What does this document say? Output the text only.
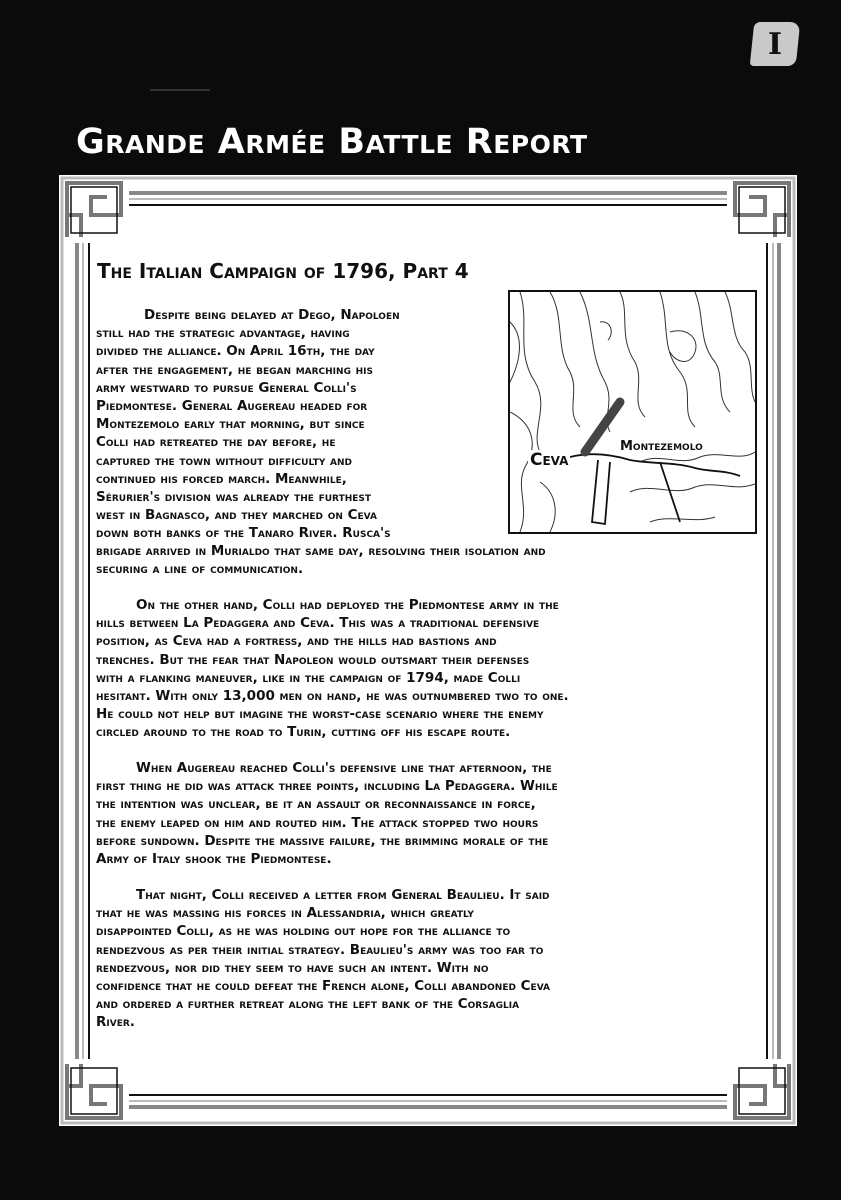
I
Grande Armée Battle Report
The Italian Campaign of 1796, Part 4
Ceva
Montezemolo

Despite being delayed at Dego, Napoloen
still had the strategic advantage, having
divided the alliance. On April 16th, the day
after the engagement, he began marching his
army westward to pursue General Colli's
Piedmontese. General Augereau headed for
Montezemolo early that morning, but since
Colli had retreated the day before, he
captured the town without difficulty and
continued his forced march. Meanwhile,
Sérurier's division was already the furthest
west in Bagnasco, and they marched on Ceva
down both banks of the Tanaro River. Rusca's

brigade arrived in Murialdo that same day, resolving their isolation and
securing a line of communication.

On the other hand, Colli had deployed the Piedmontese army in the
hills between La Pedaggera and Ceva. This was a traditional defensive
position, as Ceva had a fortress, and the hills had bastions and
trenches. But the fear that Napoleon would outsmart their defenses
with a flanking maneuver, like in the campaign of 1794, made Colli
hesitant. With only 13,000 men on hand, he was outnumbered two to one.
He could not help but imagine the worst-case scenario where the enemy
circled around to the road to Turin, cutting off his escape route.

When Augereau reached Colli's defensive line that afternoon, the
first thing he did was attack three points, including La Pedaggera. While
the intention was unclear, be it an assault or reconnaissance in force,
the enemy leaped on him and routed him. The attack stopped two hours
before sundown. Despite the massive failure, the brimming morale of the
Army of Italy shook the Piedmontese.

That night, Colli received a letter from General Beaulieu. It said
that he was massing his forces in Alessandria, which greatly
disappointed Colli, as he was holding out hope for the alliance to
rendezvous as per their initial strategy. Beaulieu's army was too far to
rendezvous, nor did they seem to have such an intent. With no
confidence that he could defeat the French alone, Colli abandoned Ceva
and ordered a further retreat along the left bank of the Corsaglia
River.
